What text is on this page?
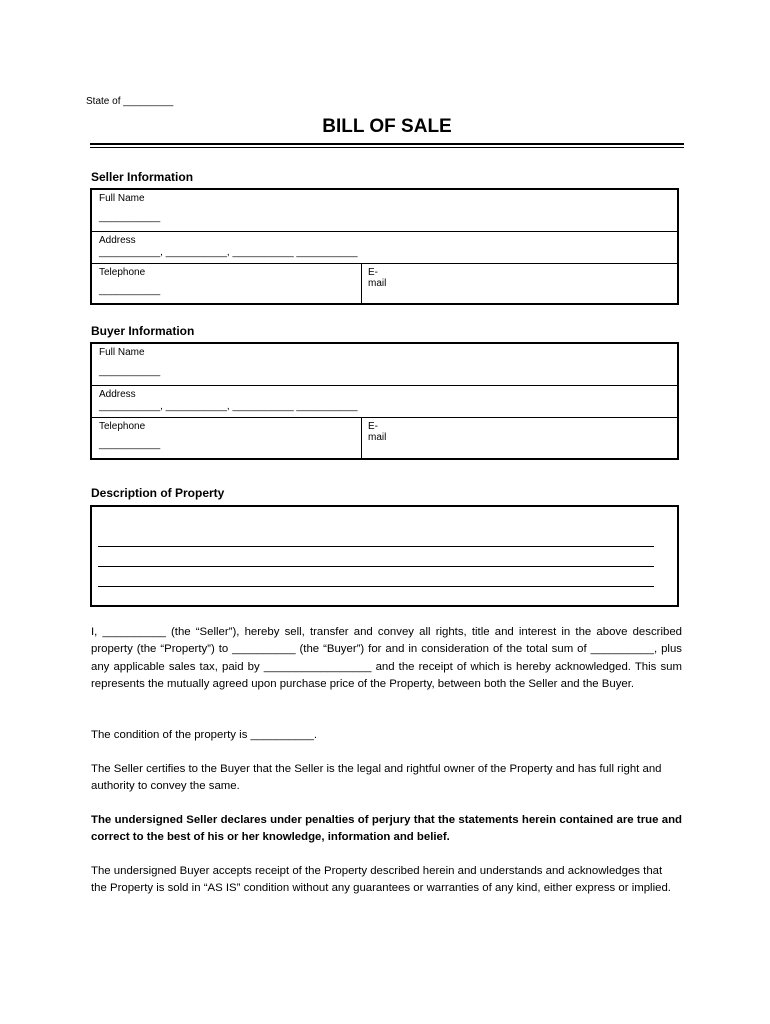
State of _________
BILL OF SALE
Seller Information
Full Name
___________
Address
___________, ___________, ___________ ___________
Telephone
___________
E-mail
Buyer Information
Full Name
___________
Address
___________, ___________, ___________ ___________
Telephone
___________
E-mail
Description of Property
I, __________ (the “Seller”), hereby sell, transfer and convey all rights, title and interest in the above described property (the “Property”) to __________ (the “Buyer”) for and in consideration of the total sum of __________, plus any applicable sales tax, paid by _________________ and the receipt of which is hereby acknowledged. This sum represents the mutually agreed upon purchase price of the Property, between both the Seller and the Buyer.
The condition of the property is __________.
The Seller certifies to the Buyer that the Seller is the legal and rightful owner of the Property and has full right and authority to convey the same.
The undersigned Seller declares under penalties of perjury that the statements herein contained are true and correct to the best of his or her knowledge, information and belief.
The undersigned Buyer accepts receipt of the Property described herein and understands and acknowledges that the Property is sold in “AS IS” condition without any guarantees or warranties of any kind, either express or implied.
